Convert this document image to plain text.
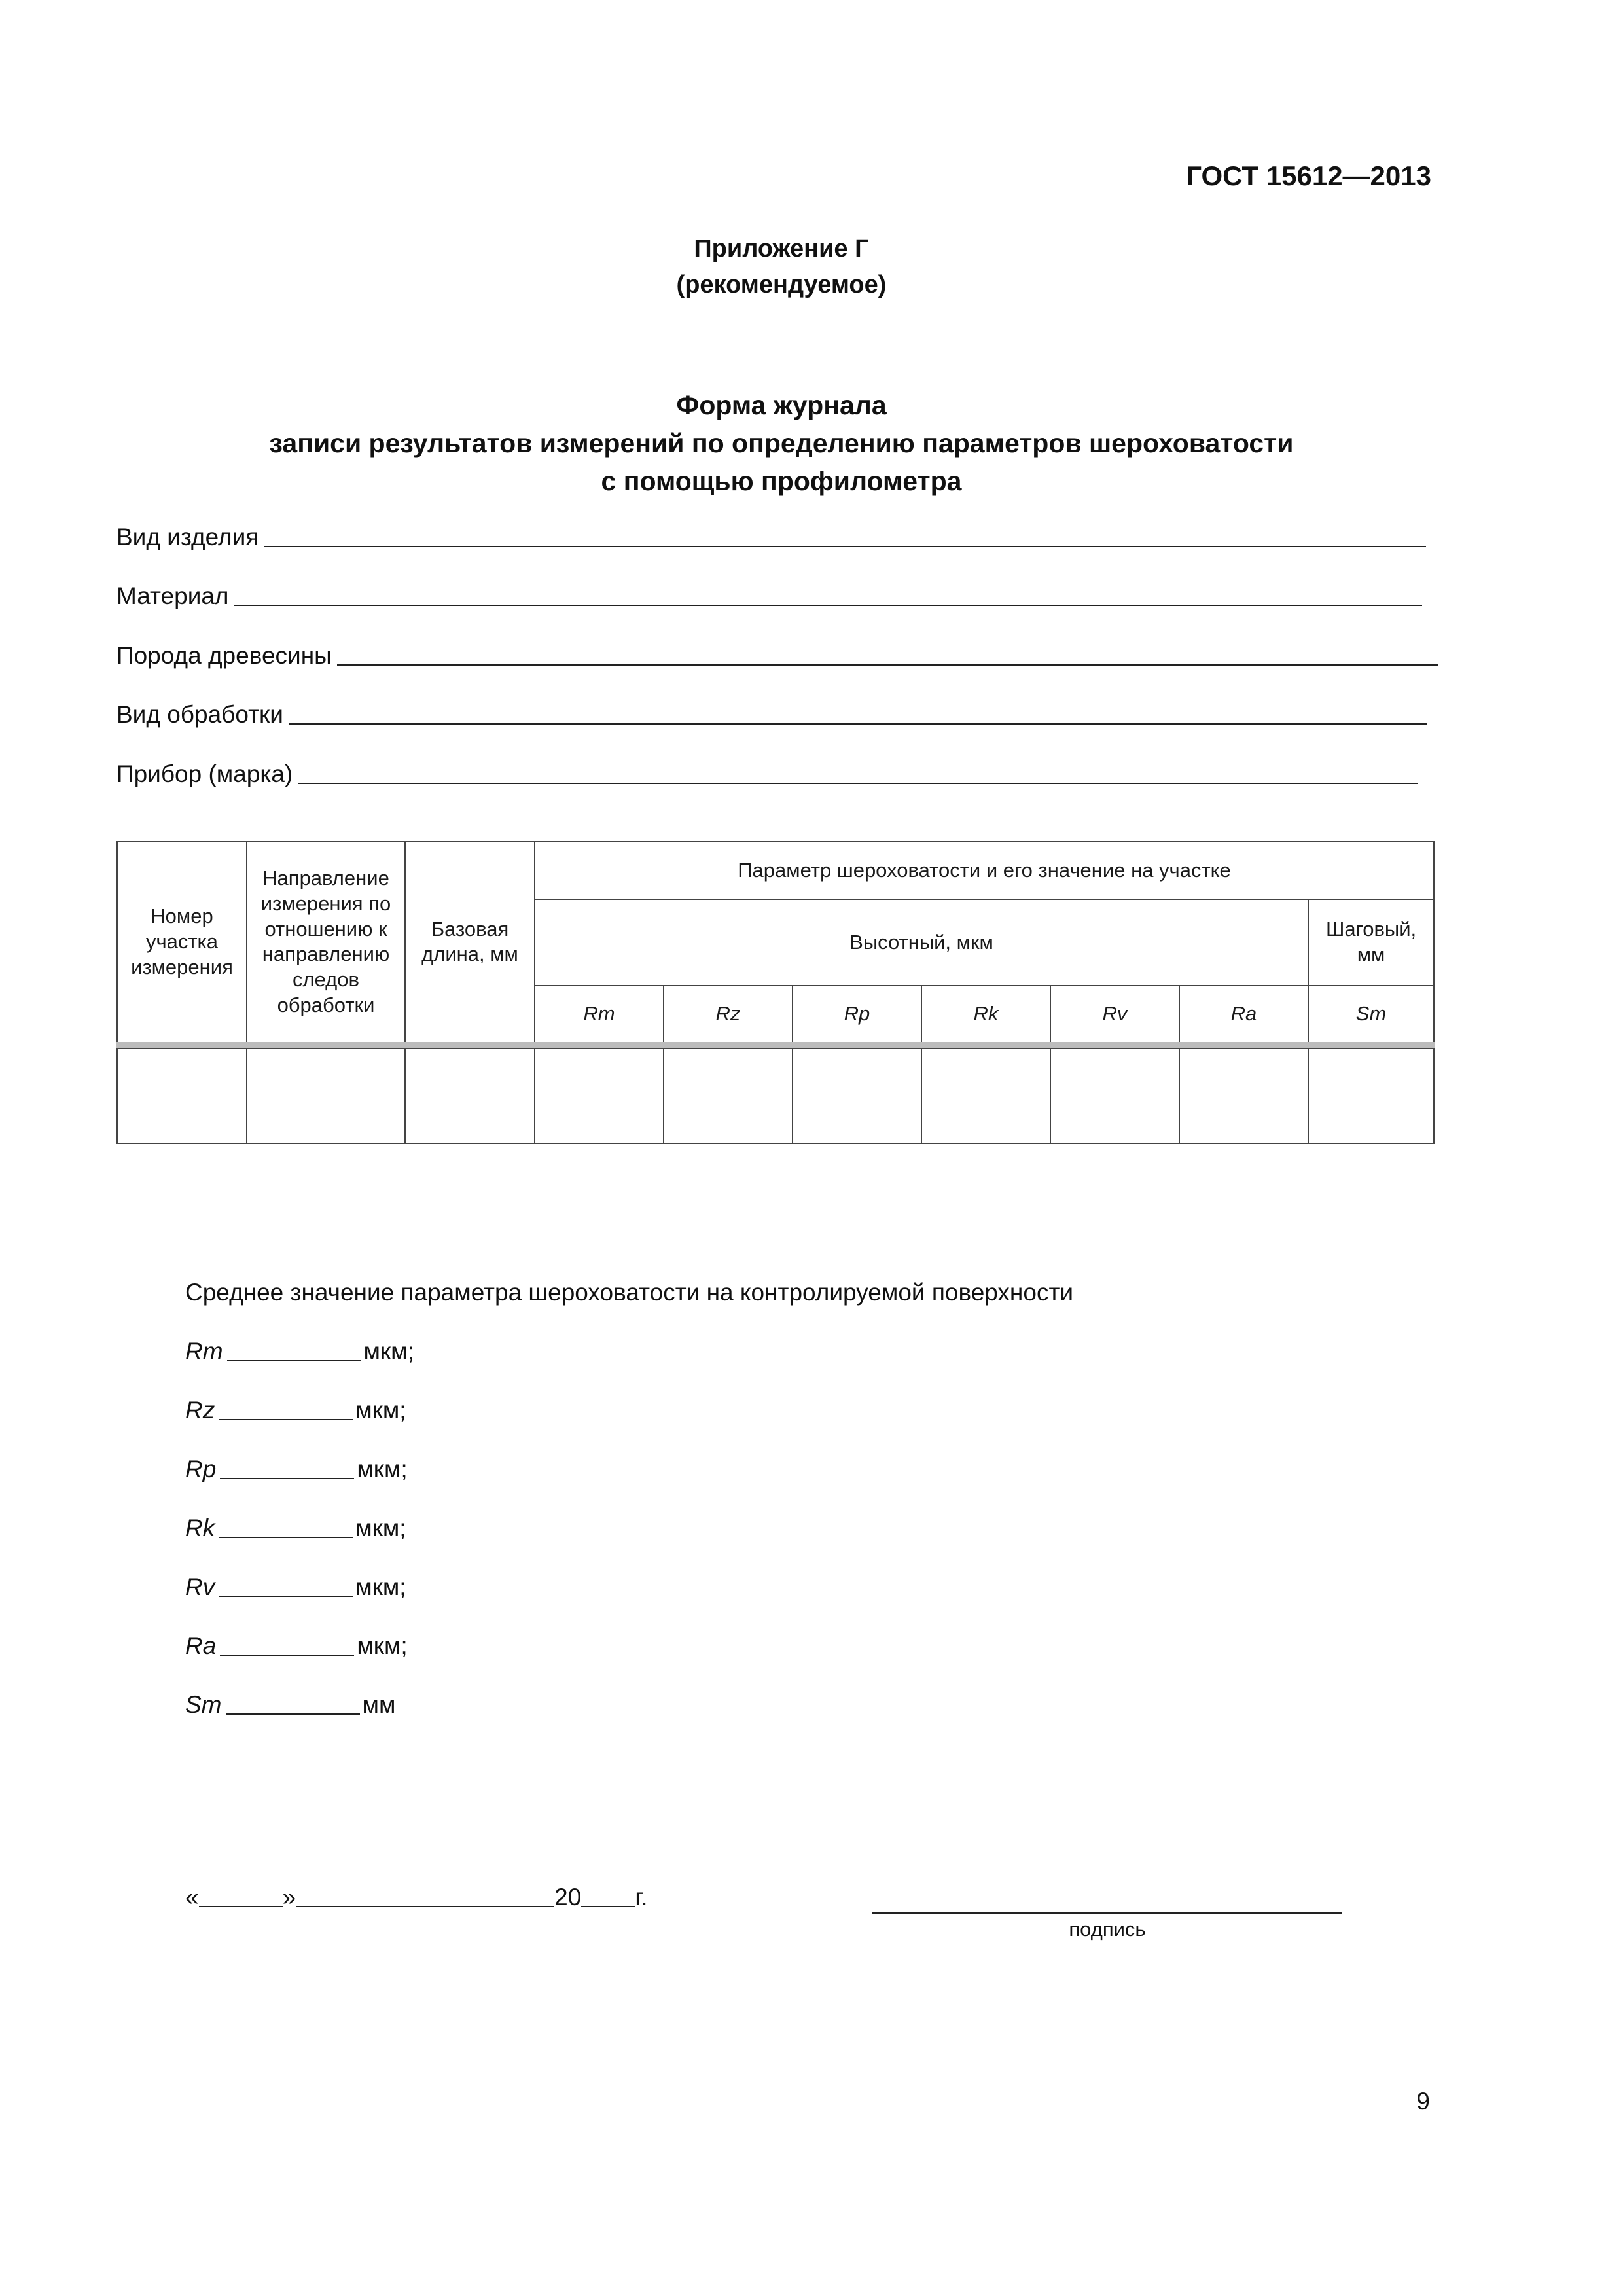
ГОСТ 15612—2013
Приложение Г
(рекомендуемое)
Форма журнала
записи результатов измерений по определению параметров шероховатости
с помощью профилометра
Вид изделия
Материал
Порода древесины
Вид обработки
Прибор (марка)
Номер участка измерения	Направление измерения по отношению к направлению следов обработки	Базовая длина, мм	Параметр шероховатости и его значение на участке						
			Высотный, мкм						Шаговый, мм
			Rm	Rz	Rp	Rk	Rv	Ra	Sm

Среднее значение параметра шероховатости на контролируемой поверхности
Rm	мкм;
Rz	мкм;
Rp	мкм;
Rk	мкм;
Rv	мкм;
Ra	мкм;
Sm	мм
«	»	20 г.
подпись
9
